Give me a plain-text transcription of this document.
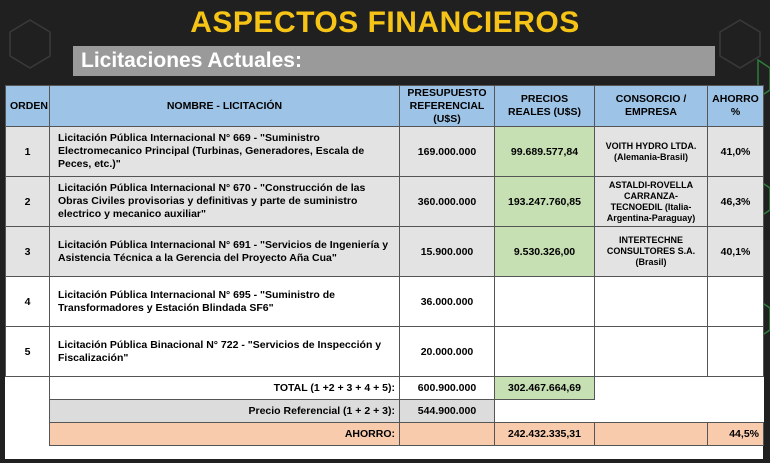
ASPECTOS FINANCIEROS
Licitaciones Actuales:
ORDEN	NOMBRE - LICITACIÓN	PRESUPUESTO REFERENCIAL (U$S)	PRECIOS REALES (U$S)	CONSORCIO / EMPRESA	AHORRO %
1	Licitación Pública Internacional N° 669 - "Suministro Electromecanico Principal (Turbinas, Generadores, Escala de Peces, etc.)"	169.000.000	99.689.577,84	VOITH HYDRO LTDA. (Alemania-Brasil)	41,0%
2	Licitación Pública Internacional N° 670 - "Construcción de las Obras Civiles provisorias y definitivas y parte de suministro electrico y mecanico auxiliar"	360.000.000	193.247.760,85	ASTALDI-ROVELLA CARRANZA-TECNOEDIL (Italia-Argentina-Paraguay)	46,3%
3	Licitación Pública Internacional N° 691 - "Servicios de Ingeniería y Asistencia Técnica a la Gerencia del Proyecto Aña Cua"	15.900.000	9.530.326,00	INTERTECHNE CONSULTORES S.A. (Brasil)	40,1%
4	Licitación Pública Internacional N° 695 - "Suministro de Transformadores y Estación Blindada SF6"	36.000.000			
5	Licitación Pública Binacional N° 722 - "Servicios de Inspección y Fiscalización"	20.000.000			
	TOTAL (1 +2 + 3 + 4 + 5):	600.900.000	302.467.664,69		
	Precio Referencial (1 + 2 + 3):	544.900.000			
	AHORRO:		242.432.335,31		44,5%
